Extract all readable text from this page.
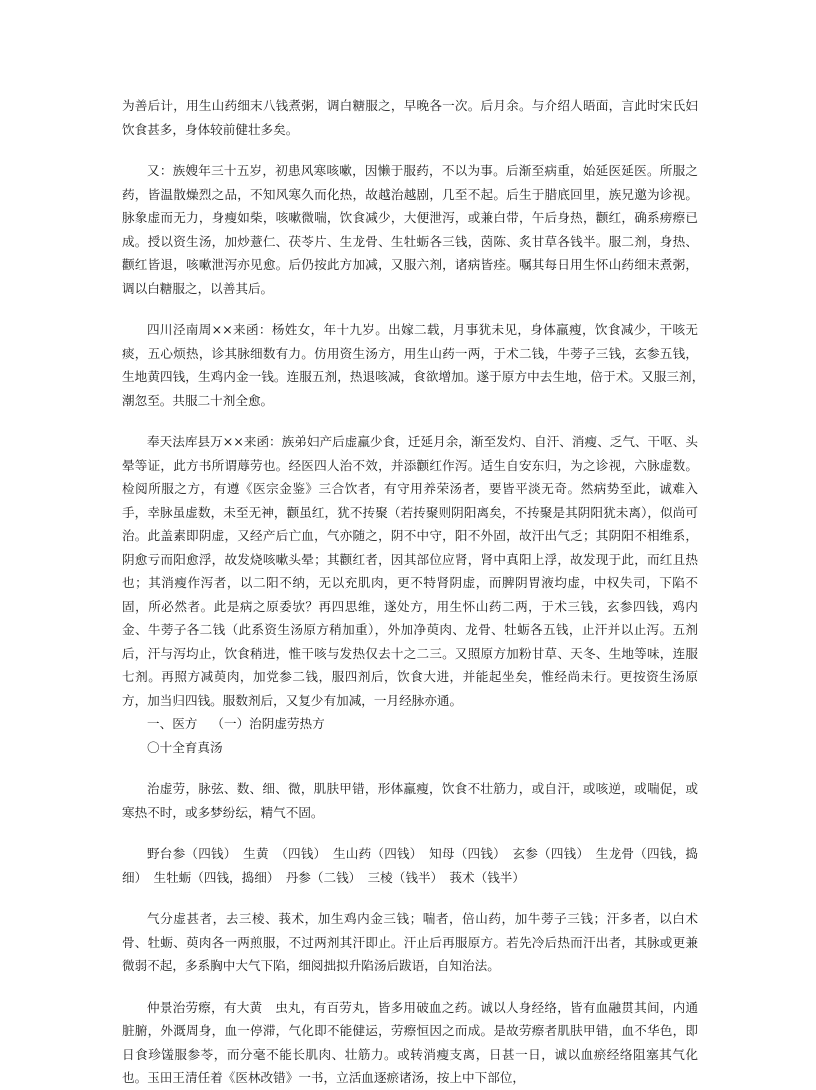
为善后计，用生山药细末八钱煮粥，调白糖服之，早晚各一次。后月余。与介绍人晤面，言此时宋氏妇饮食甚多，身体较前健壮多矣。

又：族嫂年三十五岁，初患风寒咳嗽，因懒于服药，不以为事。后渐至病重，始延医延医。所服之药，皆温散燥烈之品，不知风寒久而化热，故越治越剧，几至不起。后生于腊底回里，族兄邀为诊视。脉象虚而无力，身瘦如柴，咳嗽微喘，饮食减少，大便泄泻，或兼白带，午后身热，颧红，确系痨瘵已成。授以资生汤，加炒薏仁、茯苓片、生龙骨、生牡蛎各三钱，茵陈、炙甘草各钱半。服二剂，身热、颧红皆退，咳嗽泄泻亦见愈。后仍按此方加减，又服六剂，诸病皆痊。嘱其每日用生怀山药细末煮粥，调以白糖服之，以善其后。

四川泾南周××来函：杨姓女，年十九岁。出嫁二载，月事犹未见，身体羸瘦，饮食减少，干咳无痰，五心烦热，诊其脉细数有力。仿用资生汤方，用生山药一两，于术二钱，牛蒡子三钱，玄参五钱，生地黄四钱，生鸡内金一钱。连服五剂，热退咳减，食欲增加。遂于原方中去生地，倍于术。又服三剂，　潮忽至。共服二十剂全愈。

奉天法库县万××来函：族弟妇产后虚羸少食，迁延月余，渐至发灼、自汗、消瘦、乏气、干呕、头晕等证，此方书所谓蓐劳也。经医四人治不效，并添颧红作泻。适生自安东归，为之诊视，六脉虚数。检阅所服之方，有遵《医宗金鉴》三合饮者，有守用养荣汤者，要皆平淡无奇。然病势至此，诚难入手，幸脉虽虚数，未至无神，颧虽红，犹不抟聚（若抟聚则阴阳离矣，不抟聚是其阴阳犹未离），似尚可治。此盖素即阴虚，又经产后亡血，气亦随之，阴不中守，阳不外固，故汗出气乏；其阴阳不相维系，阴愈亏而阳愈浮，故发烧咳嗽头晕；其颧红者，因其部位应肾，肾中真阳上浮，故发现于此，而红且热也；其消瘦作泻者，以二阳不纳，无以充肌肉，更不特肾阴虚，而脾阴胃液均虚，中权失司，下陷不固，所必然者。此是病之原委欤？再四思维，遂处方，用生怀山药二两，于术三钱，玄参四钱，鸡内金、牛蒡子各二钱（此系资生汤原方稍加重），外加净萸肉、龙骨、牡蛎各五钱，止汗并以止泻。五剂后，汗与泻均止，饮食稍进，惟干咳与发热仅去十之二三。又照原方加粉甘草、天冬、生地等味，连服七剂。再照方减萸肉，加党参二钱，服四剂后，饮食大进，并能起坐矣，惟经尚未行。更按资生汤原方，加当归四钱。服数剂后，又复少有加减，一月经脉亦通。

一、医方 （一）治阴虚劳热方

〇十全育真汤

治虚劳，脉弦、数、细、微，肌肤甲错，形体羸瘦，饮食不壮筋力，或自汗，或咳逆，或喘促，或寒热不时，或多梦纷纭，精气不固。

野台参（四钱）　生黄　（四钱）　生山药（四钱）　知母（四钱）　玄参（四钱）　生龙骨（四钱，捣细）　生牡蛎（四钱，捣细）　丹参（二钱）　三棱（钱半）　莪术（钱半）

气分虚甚者，去三棱、莪术，加生鸡内金三钱；喘者，倍山药，加牛蒡子三钱；汗多者，以白术骨、牡蛎、萸肉各一两煎服，不过两剂其汗即止。汗止后再服原方。若先冷后热而汗出者，其脉或更兼微弱不起，多系胸中大气下陷，细阅拙拟升陷汤后跋语，自知治法。

仲景治劳瘵，有大黄　虫丸，有百劳丸，皆多用破血之药。诚以人身经络，皆有血融贯其间，内通脏腑，外溉周身，血一停滞，气化即不能健运，劳瘵恒因之而成。是故劳瘵者肌肤甲错，血不华色，即日食珍馐服参苓，而分毫不能长肌肉、壮筋力。或转消瘦支离，日甚一日，诚以血瘀经络阻塞其气化也。玉田王清任着《医林改错》一书，立活血逐瘀诸汤，按上中下部位，
